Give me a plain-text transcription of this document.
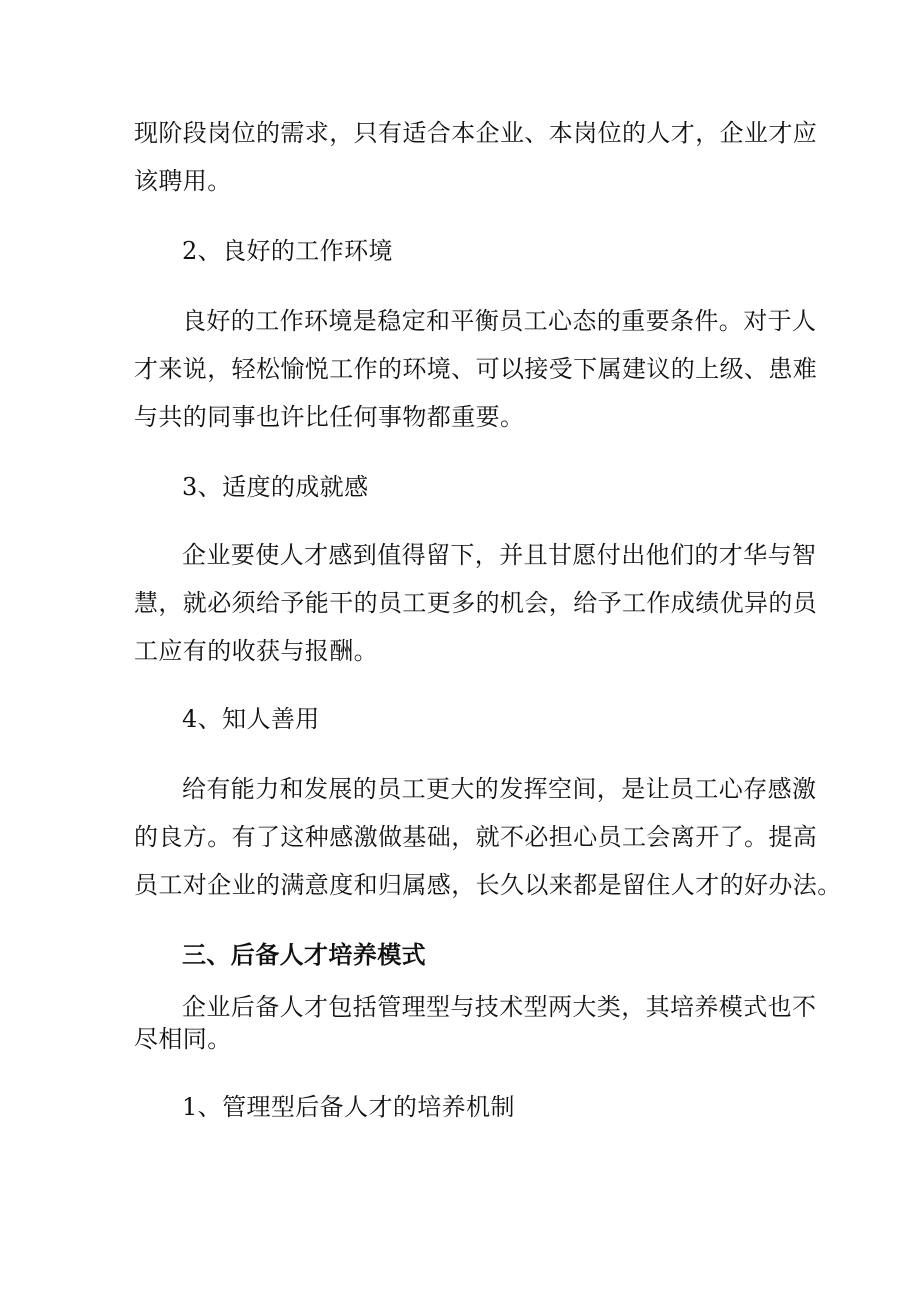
现阶段岗位的需求，只有适合本企业、本岗位的人才，企业才应
该聘用。
2、良好的工作环境
良好的工作环境是稳定和平衡员工心态的重要条件。对于人
才来说，轻松愉悦工作的环境、可以接受下属建议的上级、患难
与共的同事也许比任何事物都重要。
3、适度的成就感
企业要使人才感到值得留下，并且甘愿付出他们的才华与智
慧，就必须给予能干的员工更多的机会，给予工作成绩优异的员
工应有的收获与报酬。
4、知人善用
给有能力和发展的员工更大的发挥空间，是让员工心存感激
的良方。有了这种感激做基础，就不必担心员工会离开了。提高
员工对企业的满意度和归属感，长久以来都是留住人才的好办法。
三、后备人才培养模式
企业后备人才包括管理型与技术型两大类，其培养模式也不
尽相同。
1、管理型后备人才的培养机制
